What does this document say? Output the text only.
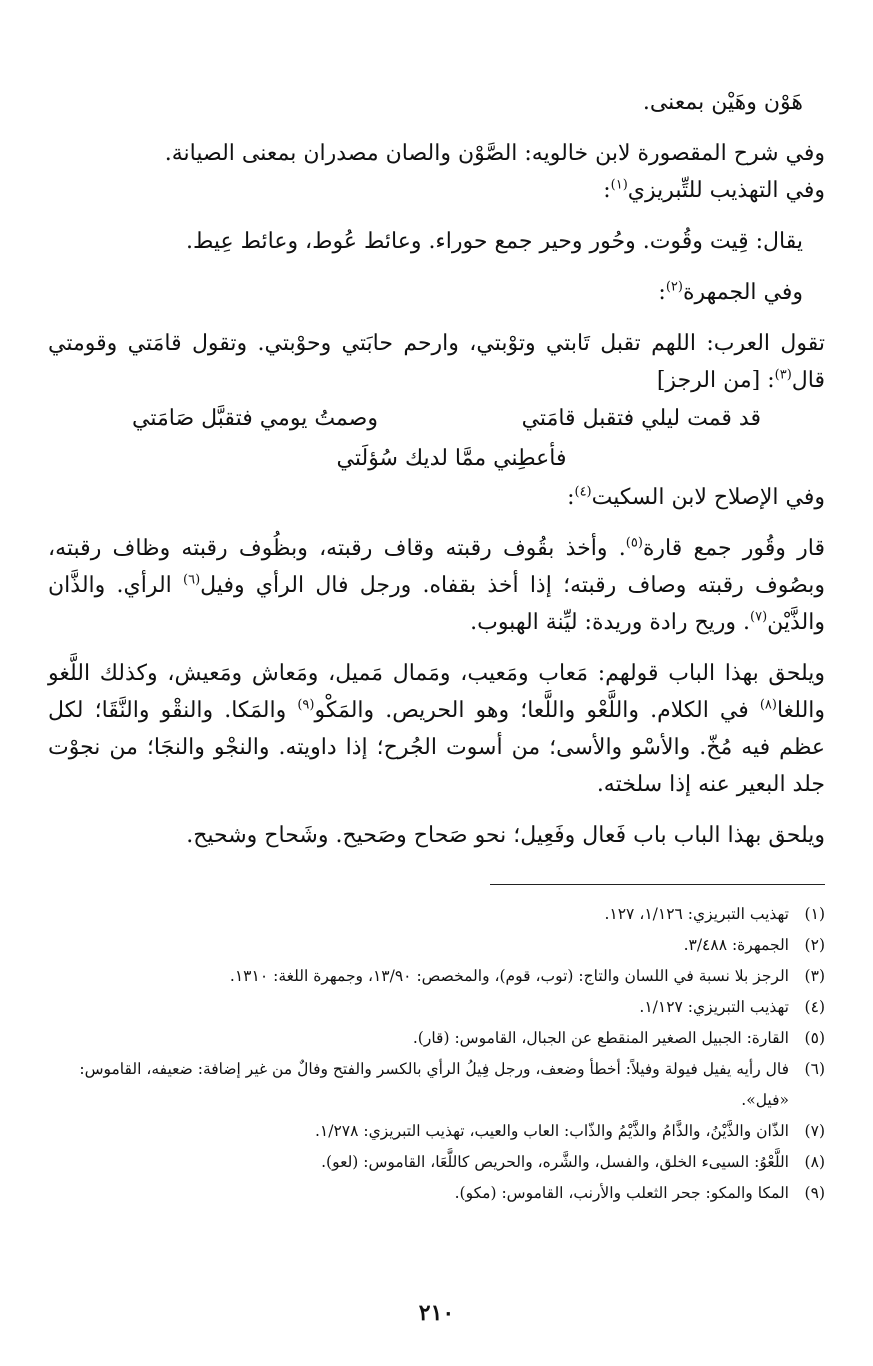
هَوْن وهَيْن بمعنى.

وفي شرح المقصورة لابن خالويه: الصَّوْن والصان مصدران بمعنى الصيانة.

وفي التهذيب للتِّبريزي$^{(١)}$:

يقال: قِيت وقُوت. وحُور وحير جمع حوراء. وعائط عُوط، وعائط عِيط.

وفي الجمهرة$^{(٢)}$:

تقول العرب: اللهم تقبل تَابتي وتوْبتي، وارحم حابَتي وحوْبتي. وتقول قامَتي وقومتي قال$^{(٣)}$: [من الرجز]

قد قمت ليلي فتقبل قامَتي
وصمتُ يومي فتقبَّل صَامَتي
فأعطِني ممَّا لديك سُؤلَتي

وفي الإصلاح لابن السكيت$^{(٤)}$:

قار وقُور جمع قارة$^{(٥)}$. وأخذ بقُوف رقبته وقاف رقبته، وبظُوف رقبته وظاف رقبته، وبصُوف رقبته وصاف رقبته؛ إذا أخذ بقفاه. ورجل فال الرأي وفيل$^{(٦)}$ الرأي. والذَّان والذَّيْن$^{(٧)}$. وريح رادة وريدة: ليِّنة الهبوب.

ويلحق بهذا الباب قولهم: مَعاب ومَعيب، ومَمال مَميل، ومَعاش ومَعيش، وكذلك اللَّغو واللغا$^{(٨)}$ في الكلام. واللَّعْو واللَّعا؛ وهو الحريص. والمَكْو$^{(٩)}$ والمَكا. والنقْو والنَّقَا؛ لكل عظم فيه مُخّ. والأسْو والأسى؛ من أسوت الجُرح؛ إذا داويته. والنجْو والنجَا؛ من نجوْت جلد البعير عنه إذا سلخته.

ويلحق بهذا الباب باب فَعال وفَعِيل؛ نحو صَحاح وصَحيح. وشَحاح وشحيح.

(١)
تهذيب التبريزي: ١/١٢٦، ١٢٧.
(٢)
الجمهرة: ٣/٤٨٨.
(٣)
الرجز بلا نسبة في اللسان والتاج: (توب، قوم)، والمخصص: ١٣/٩٠، وجمهرة اللغة: ١٣١٠.
(٤)
تهذيب التبريزي: ١/١٢٧.
(٥)
القارة: الجبيل الصغير المنقطع عن الجبال، القاموس: (قار).
(٦)
فال رأيه يفيل فيولة وفيلاً: أخطأ وضعف، ورجل فِيلُ الرأي بالكسر والفتح وفالٌ من غير إضافة: ضعيفه، القاموس: «فيل».
(٧)
الذّان والذَّيْنُ، والذَّامُ والذَّيْمُ والذّاب: العاب والعيب، تهذيب التبريزي: ١/٢٧٨.
(٨)
اللَّعْوُ: السيىء الخلق، والفسل، والشَّره، والحريص كاللَّعَا، القاموس: (لعو).
(٩)
المكا والمكو: جحر الثعلب والأرنب، القاموس: (مكو).
٢١٠
